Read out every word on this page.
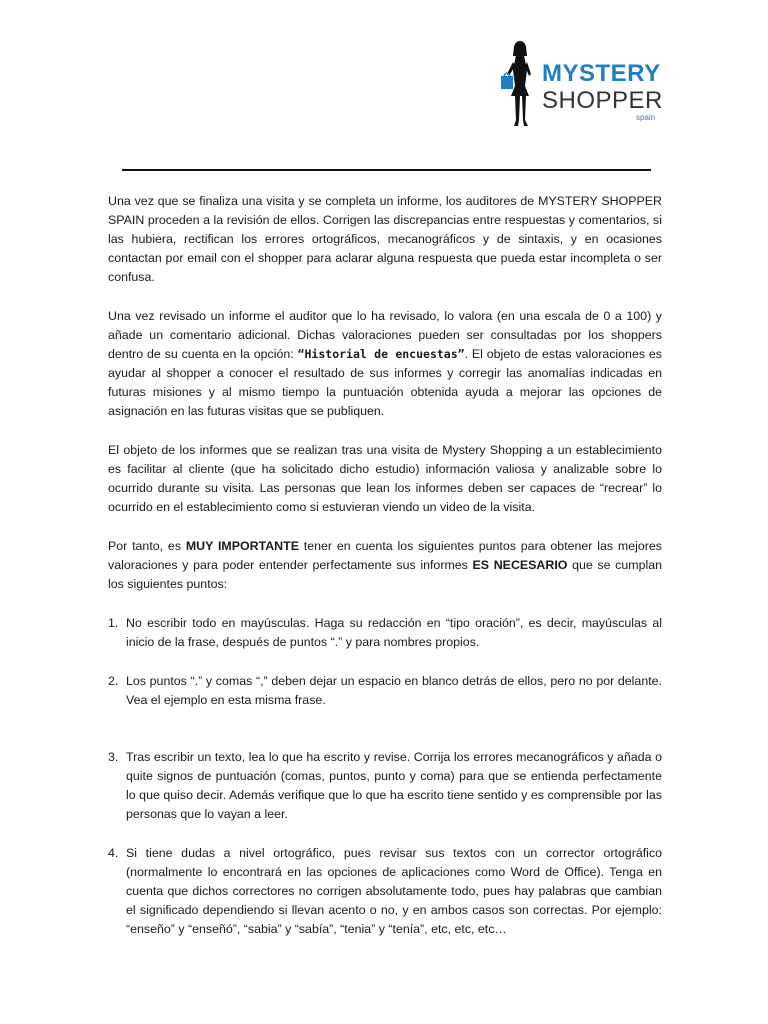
MYSTERY
SHOPPER
spain

Una vez que se finaliza una visita y se completa un informe, los auditores de MYSTERY SHOPPER SPAIN proceden a la revisión de ellos. Corrigen las discrepancias entre respuestas y comentarios, si las hubiera, rectifican los errores ortográficos, mecanográficos y de sintaxis, y en ocasiones contactan por email con el shopper para aclarar alguna respuesta que pueda estar incompleta o ser confusa.

Una vez revisado un informe el auditor que lo ha revisado, lo valora (en una escala de 0 a 100) y añade un comentario adicional. Dichas valoraciones pueden ser consultadas por los shoppers dentro de su cuenta en la opción: “Historial de encuestas”. El objeto de estas valoraciones es ayudar al shopper a conocer el resultado de sus informes y corregir las anomalías indicadas en futuras misiones y al mismo tiempo la puntuación obtenida ayuda a mejorar las opciones de asignación en las futuras visitas que se publiquen.

El objeto de los informes que se realizan tras una visita de Mystery Shopping a un establecimiento es facilitar al cliente (que ha solicitado dicho estudio) información valiosa y analizable sobre lo ocurrido durante su visita. Las personas que lean los informes deben ser capaces de “recrear” lo ocurrido en el establecimiento como si estuvieran viendo un video de la visita.

Por tanto, es MUY IMPORTANTE tener en cuenta los siguientes puntos para obtener las mejores valoraciones y para poder entender perfectamente sus informes ES NECESARIO que se cumplan los siguientes puntos:

1. No escribir todo en mayúsculas. Haga su redacción en “tipo oración”, es decir, mayúsculas al inicio de la frase, después de puntos “.” y para nombres propios.
2. Los puntos “.” y comas “,” deben dejar un espacio en blanco detrás de ellos, pero no por delante. Vea el ejemplo en esta misma frase.
3. Tras escribir un texto, lea lo que ha escrito y revise. Corrija los errores mecanográficos y añada o quite signos de puntuación (comas, puntos, punto y coma) para que se entienda perfectamente lo que quiso decir. Además verifique que lo que ha escrito tiene sentido y es comprensible por las personas que lo vayan a leer.
4. Si tiene dudas a nivel ortográfico, pues revisar sus textos con un corrector ortográfico (normalmente lo encontrará en las opciones de aplicaciones como Word de Office). Tenga en cuenta que dichos correctores no corrigen absolutamente todo, pues hay palabras que cambian el significado dependiendo si llevan acento o no, y en ambos casos son correctas. Por ejemplo: “enseño” y “enseñó”, “sabia” y “sabía”, “tenia” y “tenía”, etc, etc, etc…
